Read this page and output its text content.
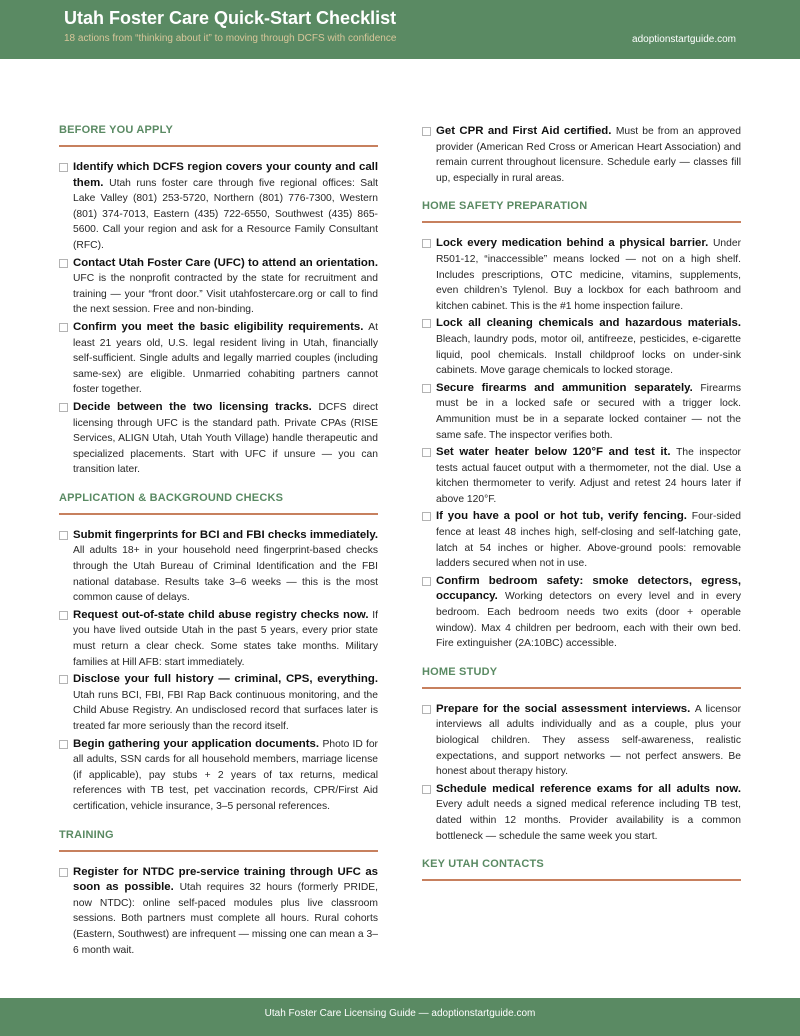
Utah Foster Care Quick-Start Checklist
18 actions from “thinking about it” to moving through DCFS with confidence	adoptionstartguide.com
BEFORE YOU APPLY
Identify which DCFS region covers your county and call them. Utah runs foster care through five regional offices: Salt Lake Valley (801) 253-5720, Northern (801) 776-7300, Western (801) 374-7013, Eastern (435) 722-6550, Southwest (435) 865-5600. Call your region and ask for a Resource Family Consultant (RFC).
Contact Utah Foster Care (UFC) to attend an orientation. UFC is the nonprofit contracted by the state for recruitment and training — your “front door.” Visit utahfostercare.org or call to find the next session. Free and non-binding.
Confirm you meet the basic eligibility requirements. At least 21 years old, U.S. legal resident living in Utah, financially self-sufficient. Single adults and legally married couples (including same-sex) are eligible. Unmarried cohabiting partners cannot foster together.
Decide between the two licensing tracks. DCFS direct licensing through UFC is the standard path. Private CPAs (RISE Services, ALIGN Utah, Utah Youth Village) handle therapeutic and specialized placements. Start with UFC if unsure — you can transition later.
APPLICATION & BACKGROUND CHECKS
Submit fingerprints for BCI and FBI checks immediately. All adults 18+ in your household need fingerprint-based checks through the Utah Bureau of Criminal Identification and the FBI national database. Results take 3–6 weeks — this is the most common cause of delays.
Request out-of-state child abuse registry checks now. If you have lived outside Utah in the past 5 years, every prior state must return a clear check. Some states take months. Military families at Hill AFB: start immediately.
Disclose your full history — criminal, CPS, everything. Utah runs BCI, FBI, FBI Rap Back continuous monitoring, and the Child Abuse Registry. An undisclosed record that surfaces later is treated far more seriously than the record itself.
Begin gathering your application documents. Photo ID for all adults, SSN cards for all household members, marriage license (if applicable), pay stubs + 2 years of tax returns, medical references with TB test, pet vaccination records, CPR/First Aid certification, vehicle insurance, 3–5 personal references.
TRAINING
Register for NTDC pre-service training through UFC as soon as possible. Utah requires 32 hours (formerly PRIDE, now NTDC): online self-paced modules plus live classroom sessions. Both partners must complete all hours. Rural cohorts (Eastern, Southwest) are infrequent — missing one can mean a 3–6 month wait.
Get CPR and First Aid certified. Must be from an approved provider (American Red Cross or American Heart Association) and remain current throughout licensure. Schedule early — classes fill up, especially in rural areas.
HOME SAFETY PREPARATION
Lock every medication behind a physical barrier. Under R501-12, “inaccessible” means locked — not on a high shelf. Includes prescriptions, OTC medicine, vitamins, supplements, even children’s Tylenol. Buy a lockbox for each bathroom and kitchen cabinet. This is the #1 home inspection failure.
Lock all cleaning chemicals and hazardous materials. Bleach, laundry pods, motor oil, antifreeze, pesticides, e-cigarette liquid, pool chemicals. Install childproof locks on under-sink cabinets. Move garage chemicals to locked storage.
Secure firearms and ammunition separately. Firearms must be in a locked safe or secured with a trigger lock. Ammunition must be in a separate locked container — not the same safe. The inspector verifies both.
Set water heater below 120°F and test it. The inspector tests actual faucet output with a thermometer, not the dial. Use a kitchen thermometer to verify. Adjust and retest 24 hours later if above 120°F.
If you have a pool or hot tub, verify fencing. Four-sided fence at least 48 inches high, self-closing and self-latching gate, latch at 54 inches or higher. Above-ground pools: removable ladders secured when not in use.
Confirm bedroom safety: smoke detectors, egress, occupancy. Working detectors on every level and in every bedroom. Each bedroom needs two exits (door + operable window). Max 4 children per bedroom, each with their own bed. Fire extinguisher (2A:10BC) accessible.
HOME STUDY
Prepare for the social assessment interviews. A licensor interviews all adults individually and as a couple, plus your biological children. They assess self-awareness, realistic expectations, and support networks — not perfect answers. Be honest about therapy history.
Schedule medical reference exams for all adults now. Every adult needs a signed medical reference including TB test, dated within 12 months. Provider availability is a common bottleneck — schedule the same week you start.
KEY UTAH CONTACTS
Utah Foster Care Licensing Guide — adoptionstartguide.com
